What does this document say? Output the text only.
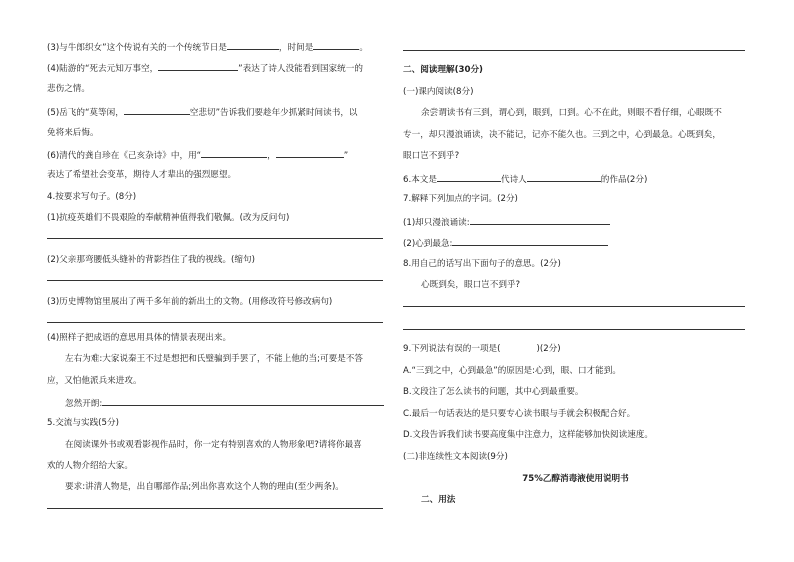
(3)与牛郎织女”这个传说有关的一个传统节日是	，时间是	。
(4)陆游的“死去元知万事空，	”表达了诗人没能看到国家统一的
悲伤之情。
(5)岳飞的“莫等闲，	空悲切”告诉我们要趁年少抓紧时间读书，以
免将来后悔。
(6)清代的龚自珍在《己亥杂诗》中，用“	，	”
表达了希望社会变革，期待人才辈出的强烈愿望。
4.按要求写句子。(8分)
(1)抗疫英雄们不畏艰险的奉献精神值得我们敬佩。(改为反问句)
(2)父亲那弯腰低头缝补的背影挡住了我的视线。(缩句)
(3)历史博物馆里展出了两千多年前的新出土的文物。(用修改符号修改病句)
(4)照样子把成语的意思用具体的情景表现出来。
左右为难:大家说秦王不过是想把和氏璧骗到手罢了，不能上他的当;可要是不答
应，又怕他派兵来进攻。
忽然开朗:
5.交流与实践(5分)
在阅读课外书或观看影视作品时，你一定有特别喜欢的人物形象吧?请将你最喜
欢的人物介绍给大家。
要求:讲清人物是，出自哪部作品;列出你喜欢这个人物的理由(至少两条)。
二、阅读理解(30分)
(一)课内阅读(8分)
余尝谓读书有三到，谓心到，眼到，口到。心不在此，则眼不看仔细，心眼既不
专一，却只漫浪诵读，决不能记，记亦不能久也。三到之中，心到最急。心既到矣，
眼口岂不到乎?
6.本文是	代诗人	的作品(2分)
7.解释下列加点的字词。(2分)
(1)却只漫浪诵读:
(2)心到最急:
8.用自己的话写出下面句子的意思。(2分)
心既到矣，眼口岂不到乎?
9.下列说法有误的一项是(	)(2分)
A.“三到之中，心到最急”的原因是:心到，眼、口才能到。
B.文段注了怎么读书的问题，其中心到最重要。
C.最后一句话表达的是只要专心读书眼与手就会积极配合好。
D.文段告诉我们读书要高度集中注意力，这样能够加快阅读速度。
(二)非连续性文本阅读(9分)
75%乙醇消毒液使用说明书
二、用法
